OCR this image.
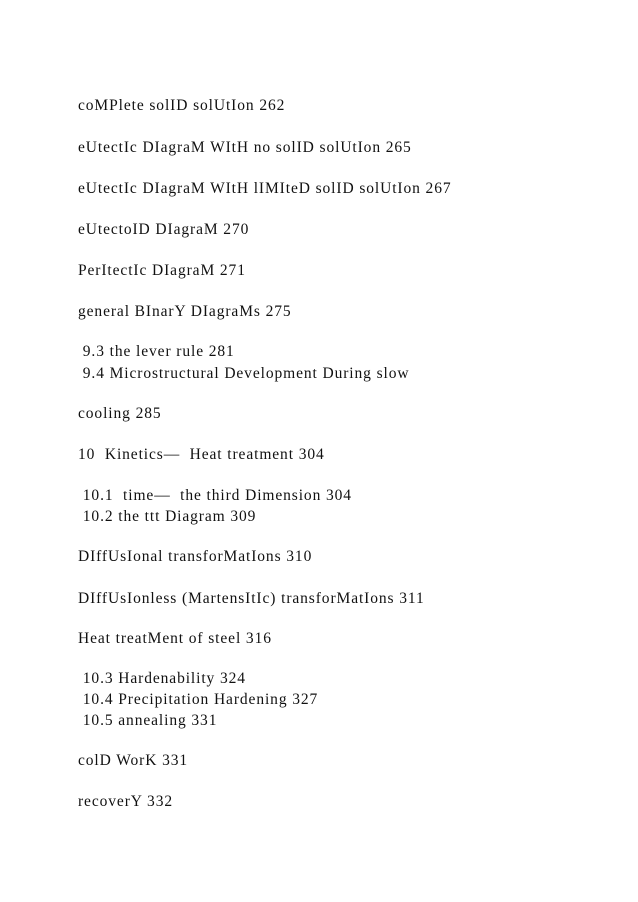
coMPlete solID solUtIon 262
eUtectIc DIagraM WItH no solID solUtIon 265
eUtectIc DIagraM WItH lIMIteD solID solUtIon 267
eUtectoID DIagraM 270
PerItectIc DIagraM 271
general BInarY DIagraMs 275
9.3 the lever rule 281
9.4 Microstructural Development During slow
cooling 285
10  Kinetics—  Heat treatment 304
10.1  time—  the third Dimension 304
10.2 the ttt Diagram 309
DIffUsIonal transforMatIons 310
DIffUsIonless (MartensItIc) transforMatIons 311
Heat treatMent of steel 316
10.3 Hardenability 324
10.4 Precipitation Hardening 327
10.5 annealing 331
colD WorK 331
recoverY 332
